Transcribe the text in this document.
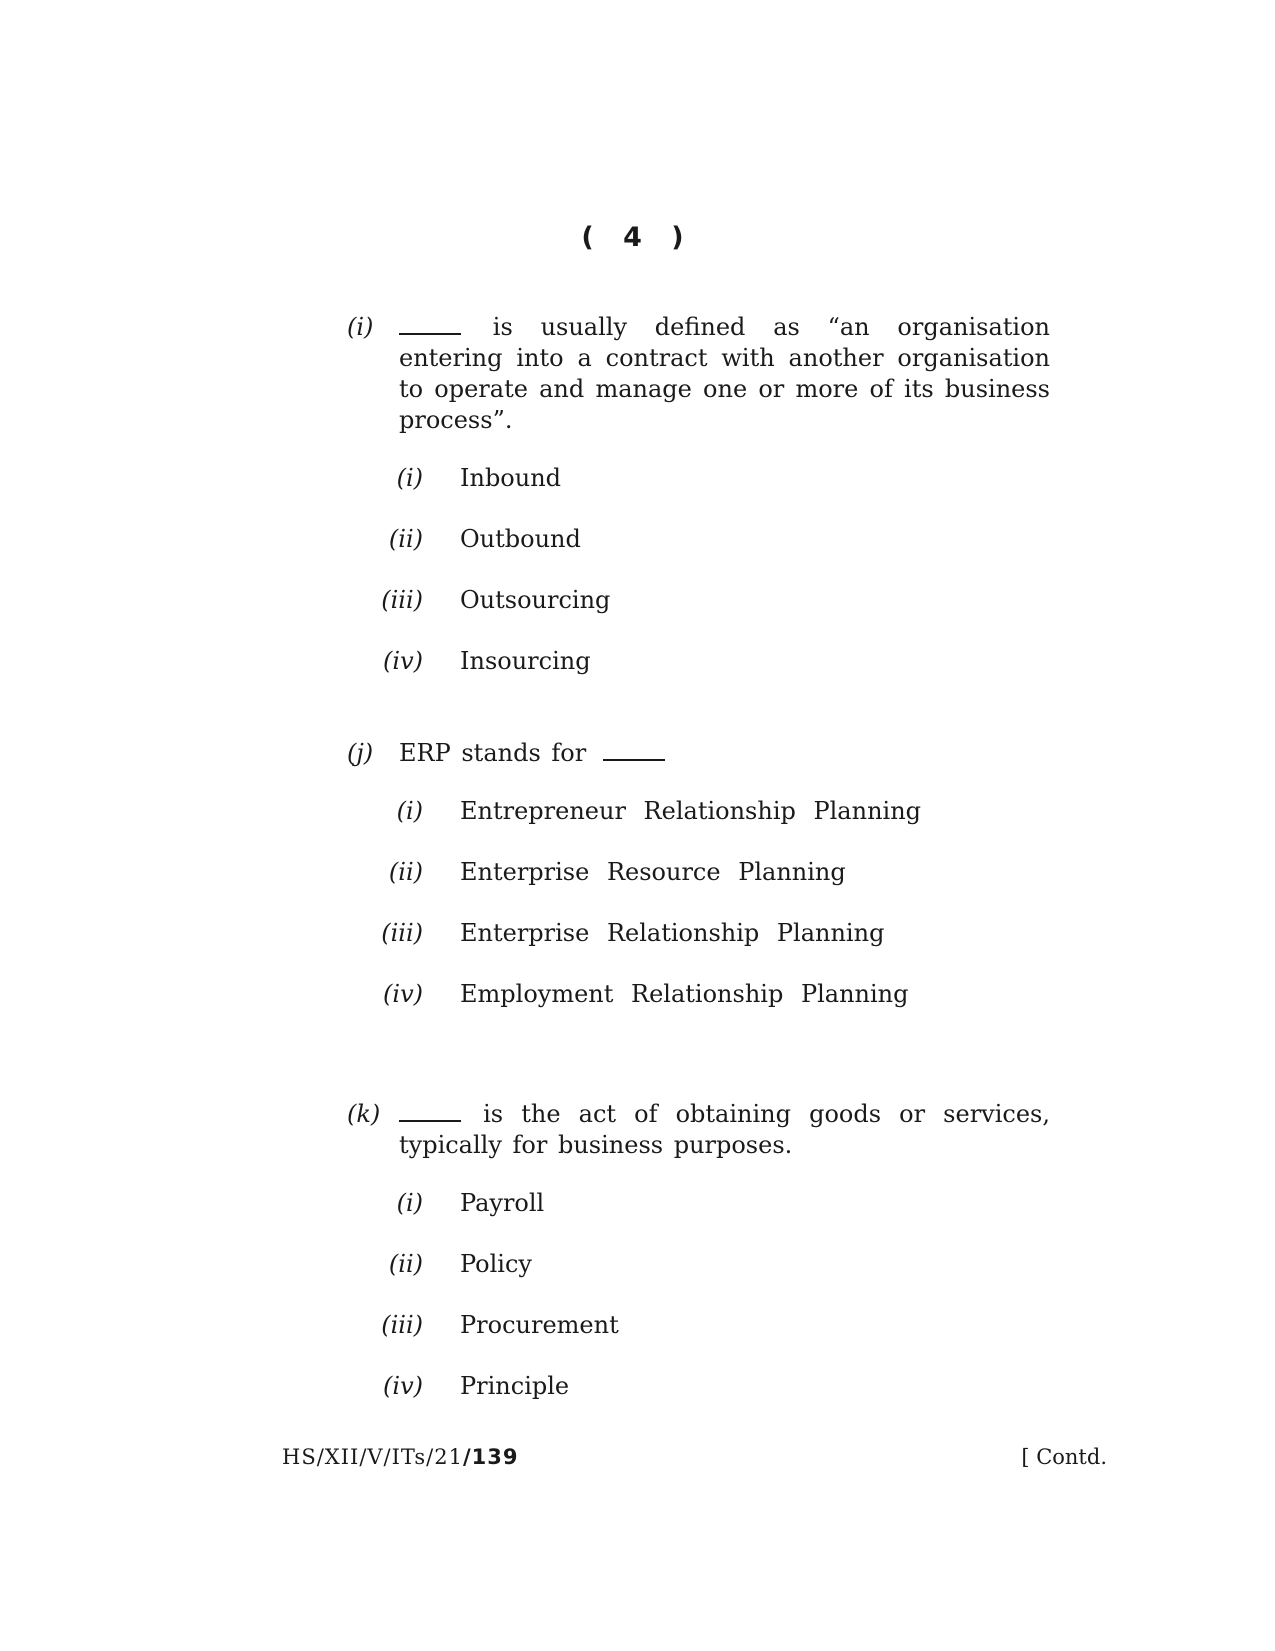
( 4 )
(i)	is usually defined as “an organisation entering into a contract with another organisation to operate and manage one or more of its business process”.
(i) Inbound
(ii) Outbound
(iii) Outsourcing
(iv) Insourcing
(j) ERP stands for
(i) Entrepreneur Relationship Planning
(ii) Enterprise Resource Planning
(iii) Enterprise Relationship Planning
(iv) Employment Relationship Planning
(k)	is the act of obtaining goods or services, typically for business purposes.
(i) Payroll
(ii) Policy
(iii) Procurement
(iv) Principle
HS/XII/V/ITs/21/139	[ Contd.
